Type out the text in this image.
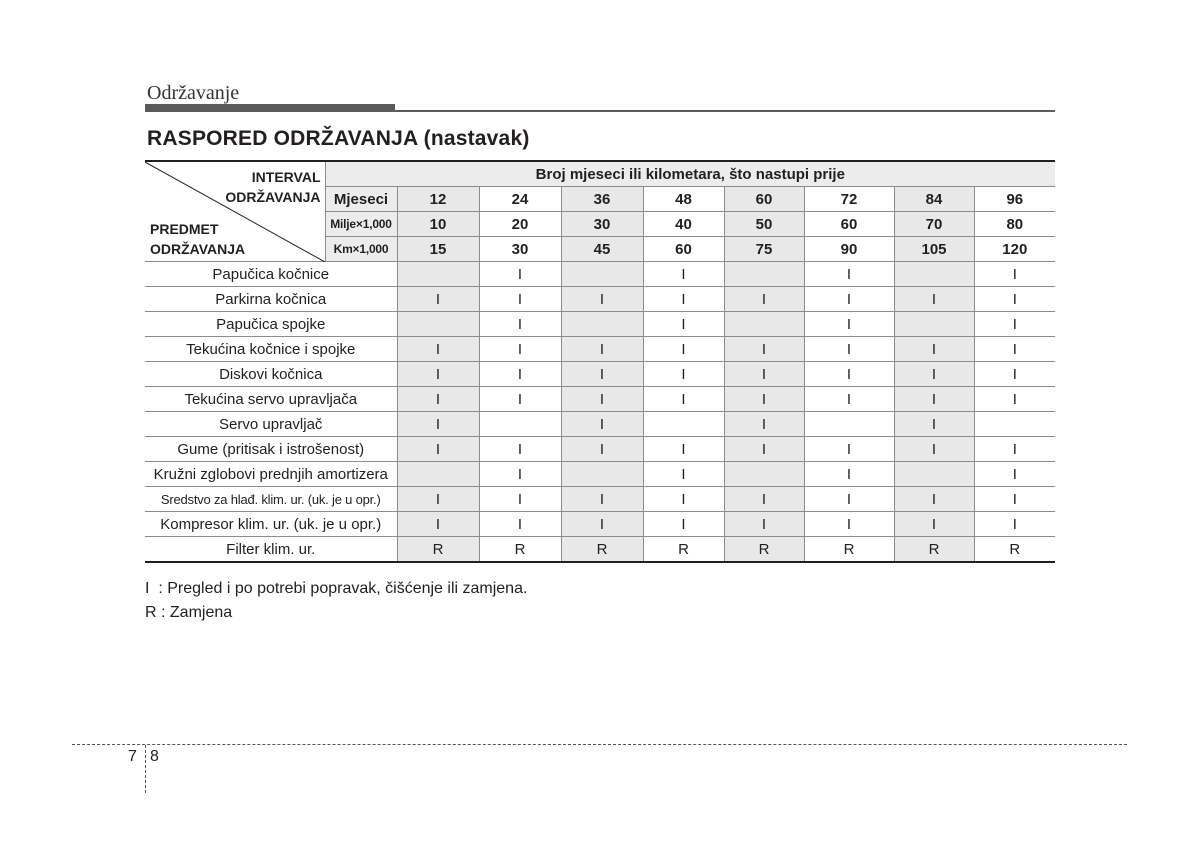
Održavanje
RASPORED ODRŽAVANJA (nastavak)
INTERVAL
ODRŽAVANJA
PREDMET
ODRŽAVANJA	Broj mjeseci ili kilometara, što nastupi prije								
	Mjeseci	12	24	36	48	60	72	84	96
	Milje×1,000	10	20	30	40	50	60	70	80
	Km×1,000	15	30	45	60	75	90	105	120
Papučica kočnice			I		I		I		I
Parkirna kočnica		I	I	I	I	I	I	I	I
Papučica spojke			I		I		I		I
Tekućina kočnice i spojke		I	I	I	I	I	I	I	I
Diskovi kočnica		I	I	I	I	I	I	I	I
Tekućina servo upravljača		I	I	I	I	I	I	I	I
Servo upravljač		I		I		I		I	
Gume (pritisak i istrošenost)		I	I	I	I	I	I	I	I
Kružni zglobovi prednjih amortizera			I		I		I		I
Sredstvo za hlađ. klim. ur. (uk. je u opr.)		I	I	I	I	I	I	I	I
Kompresor klim. ur. (uk. je u opr.)		I	I	I	I	I	I	I	I
Filter klim. ur.		R	R	R	R	R	R	R	R
I  : Pregled i po potrebi popravak, čišćenje ili zamjena.
R : Zamjena
7 8
